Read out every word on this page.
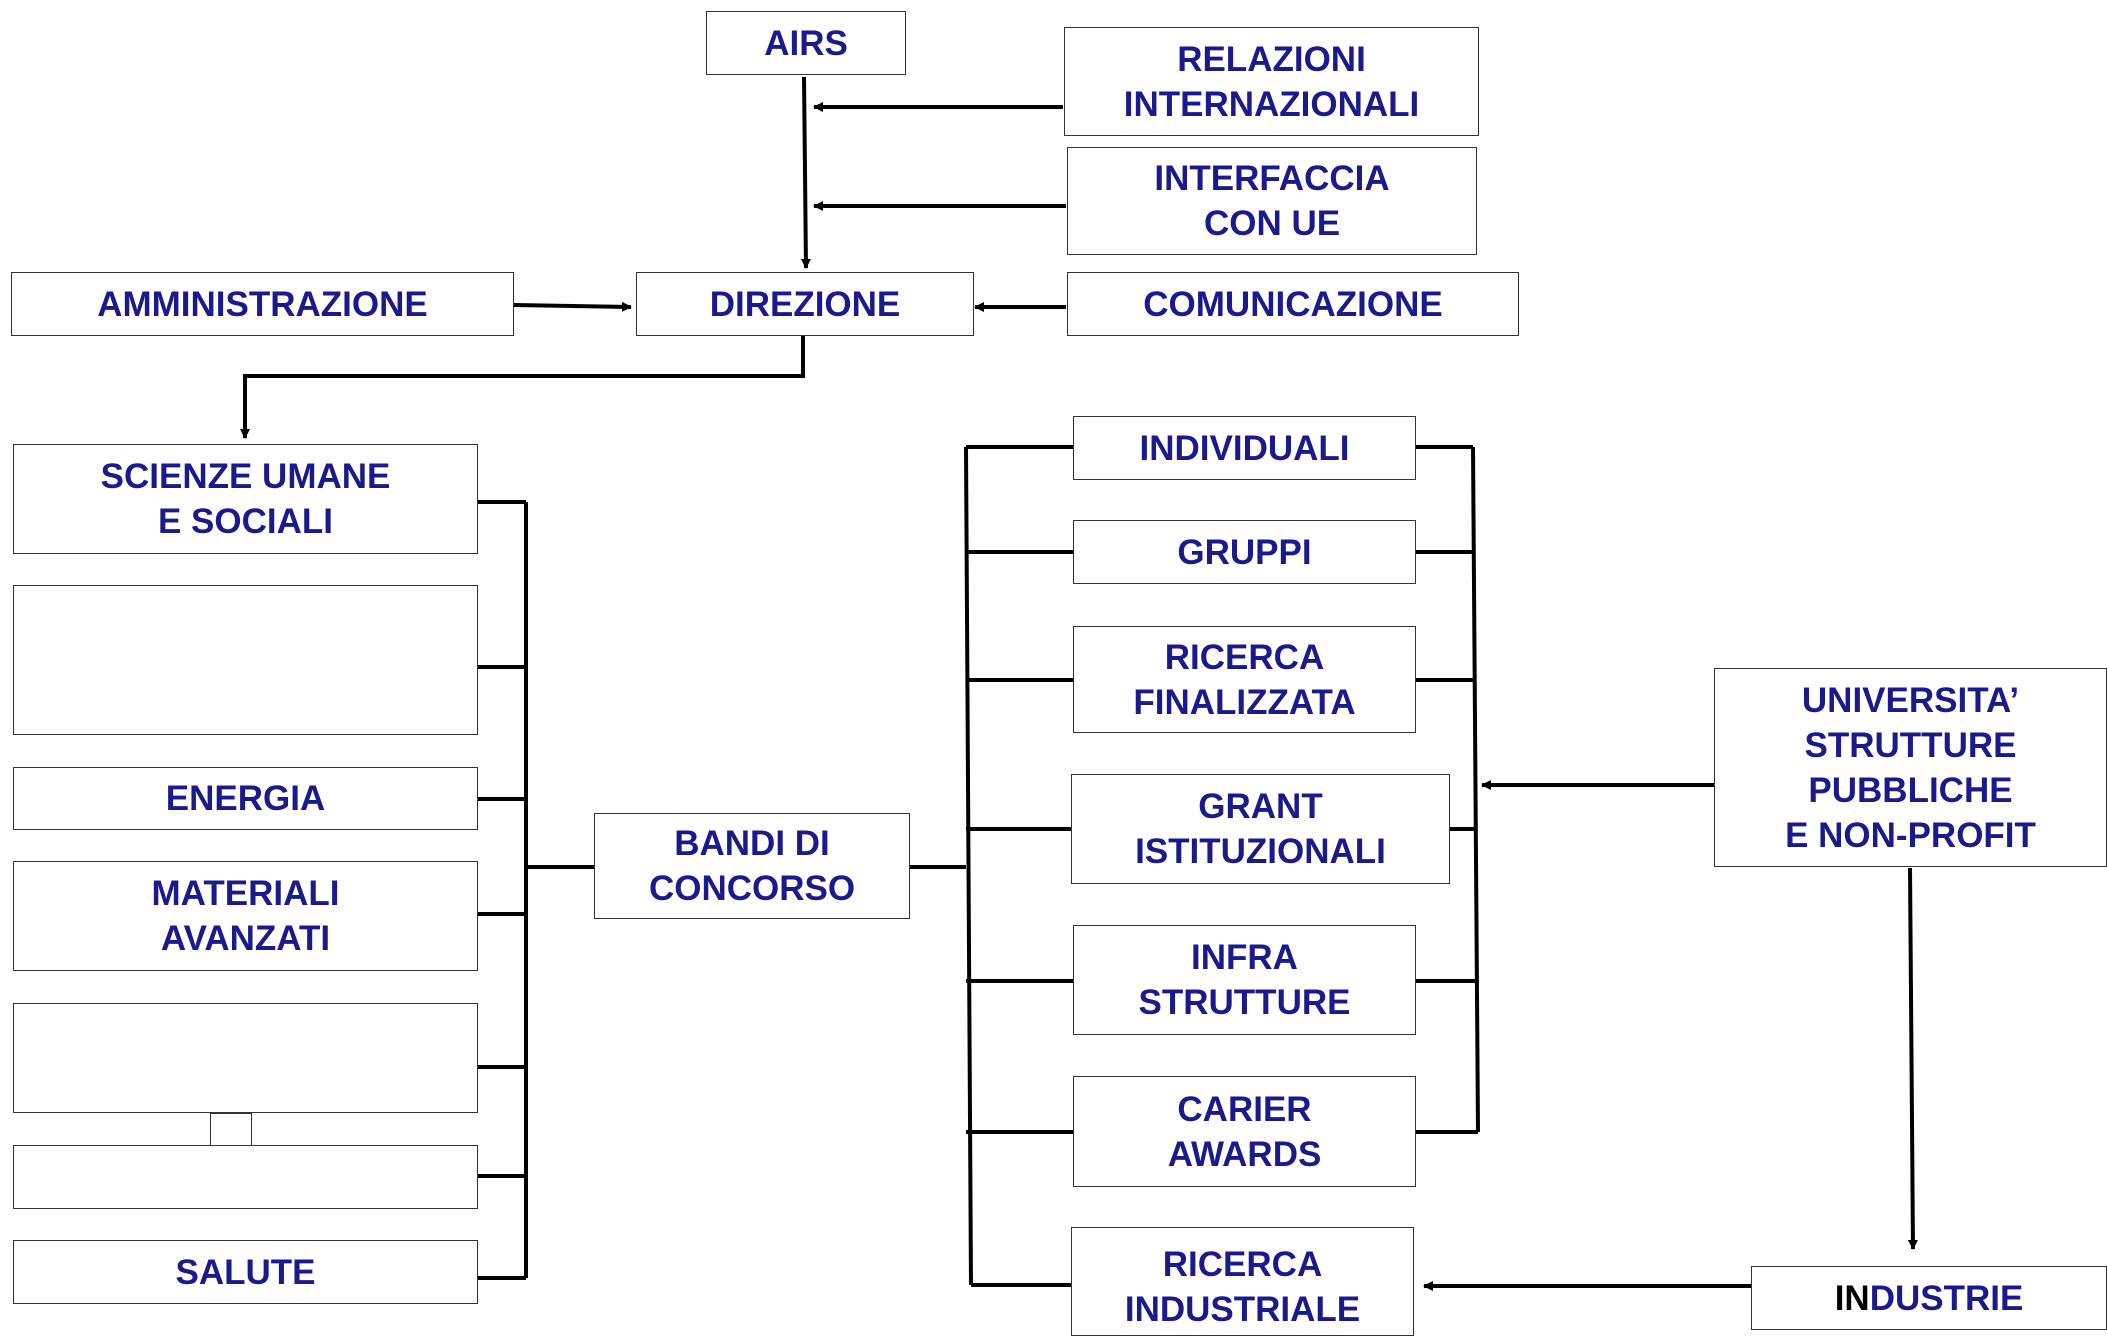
AIRS	RELAZIONI
INTERNAZIONALI
INTERFACCIA
CON UE
AMMINISTRAZIONE	DIREZIONE	COMUNICAZIONE
SCIENZE UMANE
E SOCIALI
ENERGIA
MATERIALI
AVANZATI
SALUTE
BANDI DI
CONCORSO
INDIVIDUALI
GRUPPI
RICERCA
FINALIZZATA
GRANT
ISTITUZIONALI
INFRA
STRUTTURE
CARIER
AWARDS
RICERCA
INDUSTRIALE
UNIVERSITA’
STRUTTURE
PUBBLICHE
E NON-PROFIT
INDUSTRIE
